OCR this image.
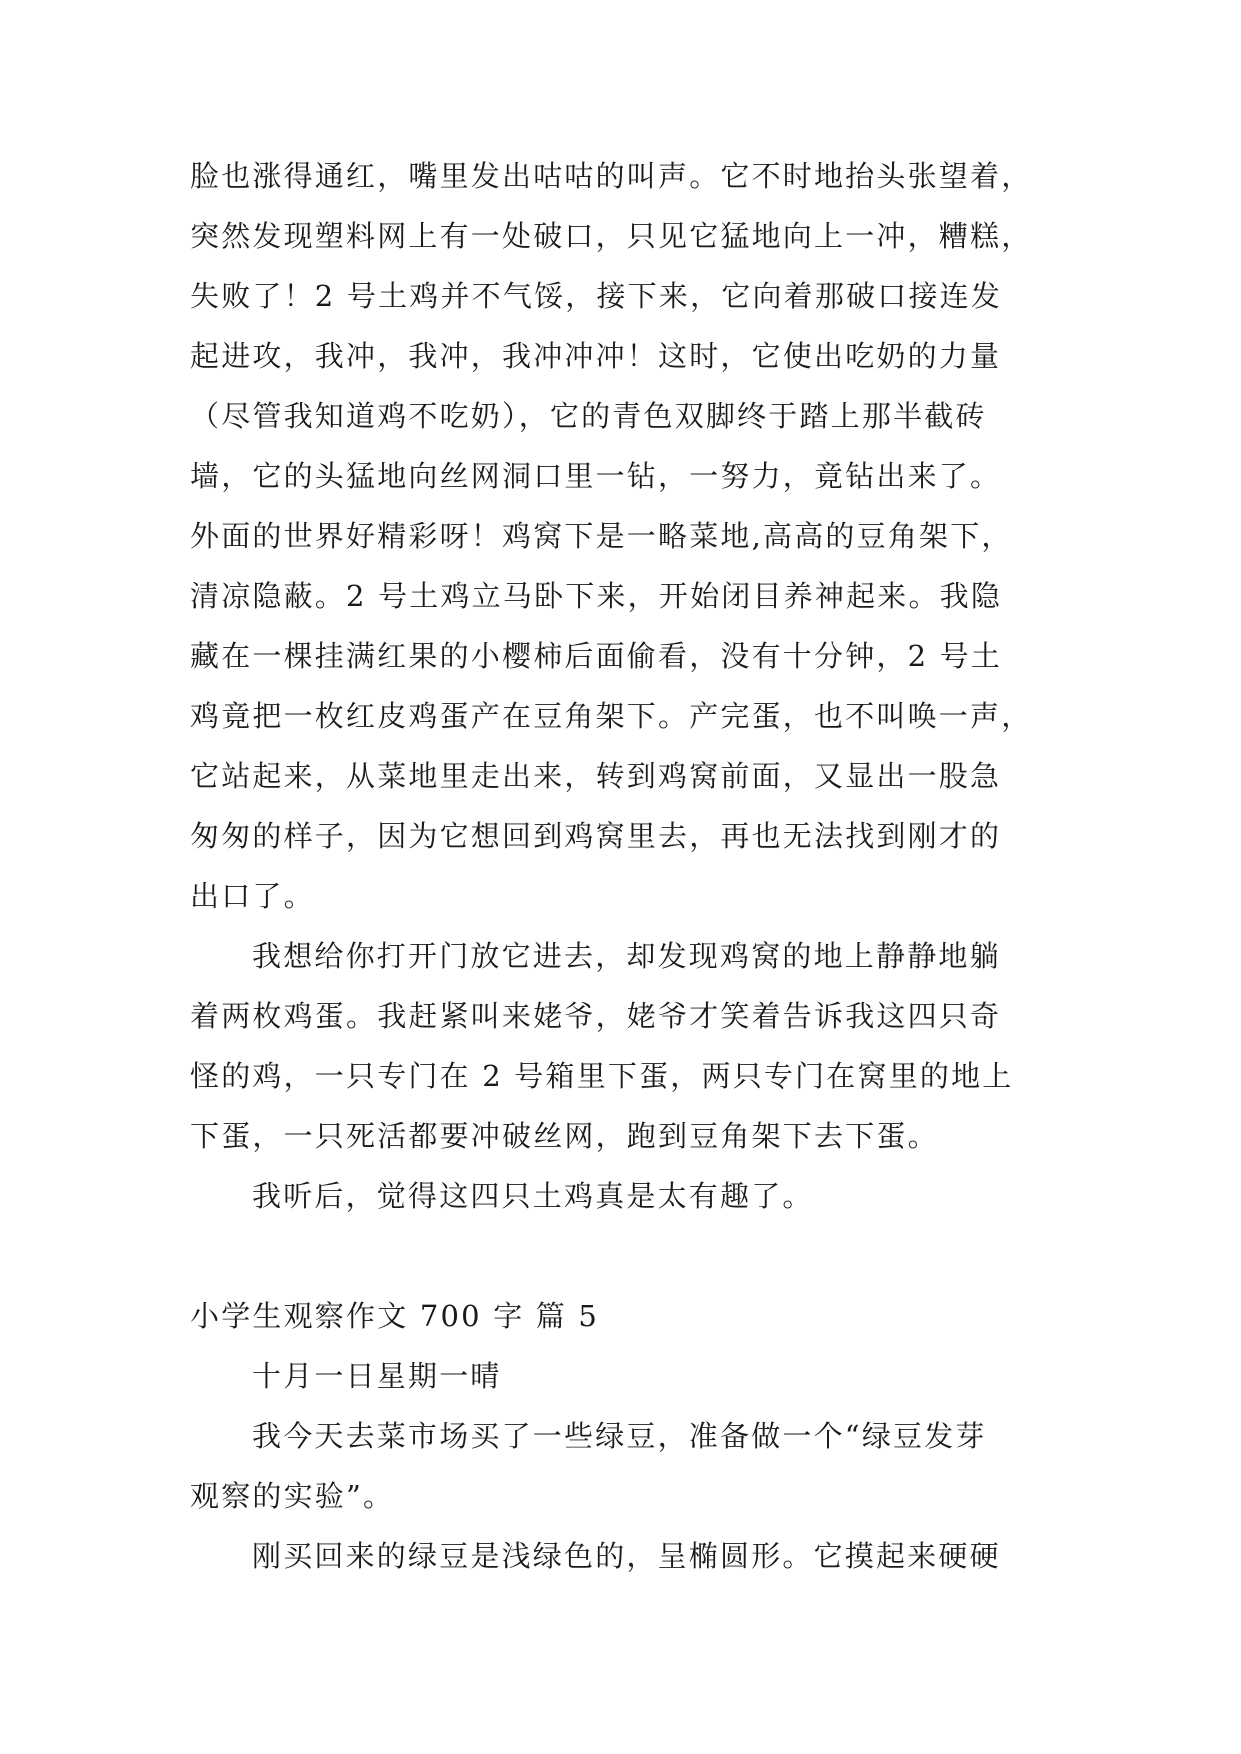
脸也涨得通红，嘴里发出咕咕的叫声。它不时地抬头张望着，
突然发现塑料网上有一处破口，只见它猛地向上一冲，糟糕，
失败了！2 号土鸡并不气馁，接下来，它向着那破口接连发
起进攻，我冲，我冲，我冲冲冲！这时，它使出吃奶的力量
（尽管我知道鸡不吃奶），它的青色双脚终于踏上那半截砖
墙，它的头猛地向丝网洞口里一钻，一努力，竟钻出来了。
外面的世界好精彩呀！鸡窝下是一略菜地,高高的豆角架下，
清凉隐蔽。2 号土鸡立马卧下来，开始闭目养神起来。我隐
藏在一棵挂满红果的小樱柿后面偷看，没有十分钟，2 号土
鸡竟把一枚红皮鸡蛋产在豆角架下。产完蛋，也不叫唤一声，
它站起来，从菜地里走出来，转到鸡窝前面，又显出一股急
匆匆的样子，因为它想回到鸡窝里去，再也无法找到刚才的
出口了。
我想给你打开门放它进去，却发现鸡窝的地上静静地躺
着两枚鸡蛋。我赶紧叫来姥爷，姥爷才笑着告诉我这四只奇
怪的鸡，一只专门在 2 号箱里下蛋，两只专门在窝里的地上
下蛋，一只死活都要冲破丝网，跑到豆角架下去下蛋。
我听后，觉得这四只土鸡真是太有趣了。
小学生观察作文 700 字 篇 5
十月一日星期一晴
我今天去菜市场买了一些绿豆，准备做一个“绿豆发芽
观察的实验”。
刚买回来的绿豆是浅绿色的，呈椭圆形。它摸起来硬硬
